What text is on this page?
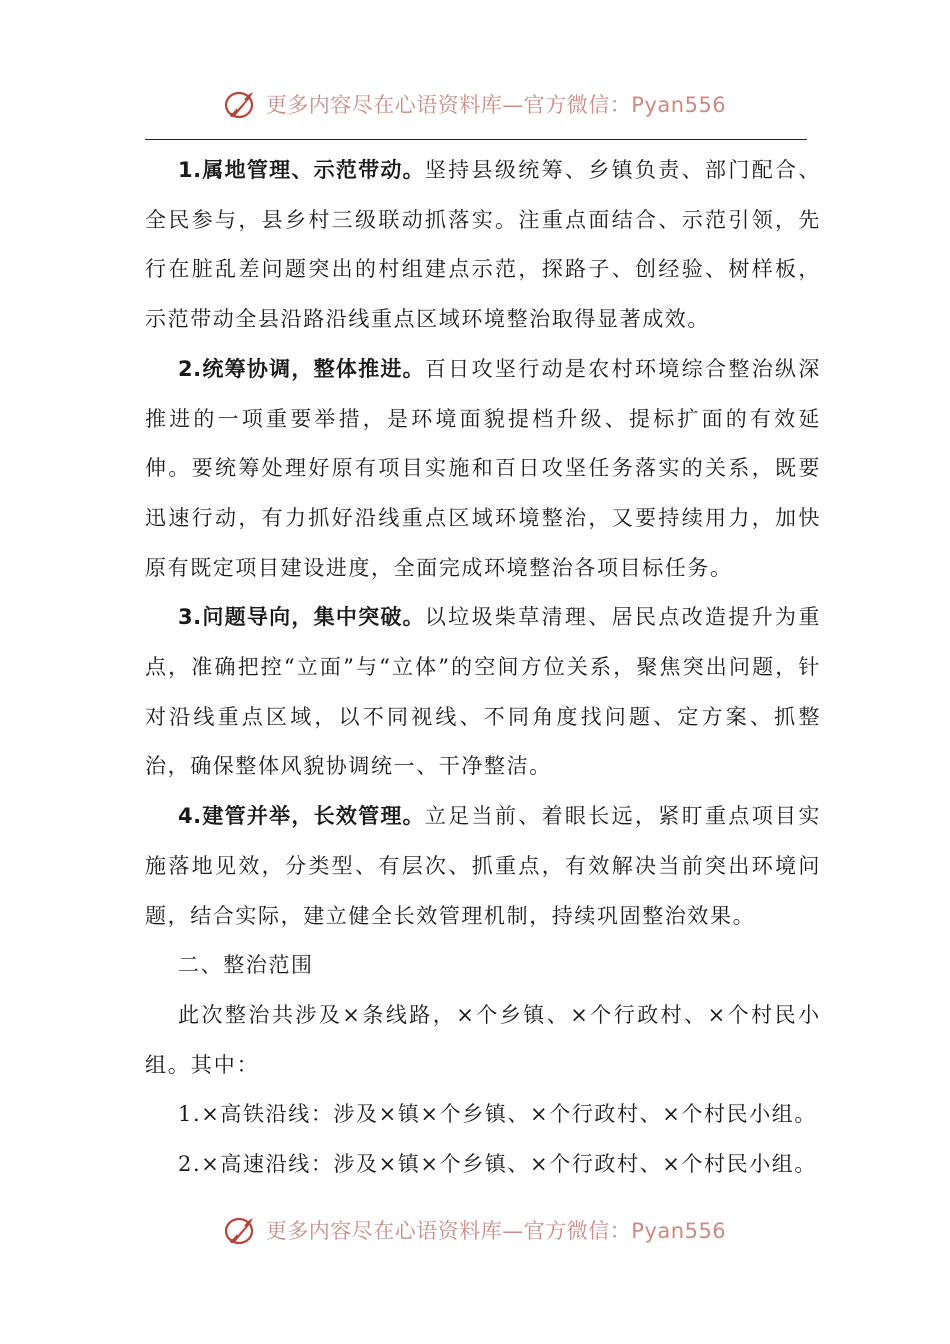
更多内容尽在心语资料库—官方微信：Pyan556

1.属地管理、示范带动。坚持县级统筹、乡镇负责、部门配合、全民参与，县乡村三级联动抓落实。注重点面结合、示范引领，先行在脏乱差问题突出的村组建点示范，探路子、创经验、树样板，示范带动全县沿路沿线重点区域环境整治取得显著成效。

2.统筹协调，整体推进。百日攻坚行动是农村环境综合整治纵深推进的一项重要举措，是环境面貌提档升级、提标扩面的有效延伸。要统筹处理好原有项目实施和百日攻坚任务落实的关系，既要迅速行动，有力抓好沿线重点区域环境整治，又要持续用力，加快原有既定项目建设进度，全面完成环境整治各项目标任务。

3.问题导向，集中突破。以垃圾柴草清理、居民点改造提升为重点，准确把控“立面”与“立体”的空间方位关系，聚焦突出问题，针对沿线重点区域，以不同视线、不同角度找问题、定方案、抓整治，确保整体风貌协调统一、干净整洁。

4.建管并举，长效管理。立足当前、着眼长远，紧盯重点项目实施落地见效，分类型、有层次、抓重点，有效解决当前突出环境问题，结合实际，建立健全长效管理机制，持续巩固整治效果。

二、整治范围

此次整治共涉及×条线路，×个乡镇、×个行政村、×个村民小组。其中：

1.×高铁沿线：涉及×镇×个乡镇、×个行政村、×个村民小组。

2.×高速沿线：涉及×镇×个乡镇、×个行政村、×个村民小组。

更多内容尽在心语资料库—官方微信：Pyan556
